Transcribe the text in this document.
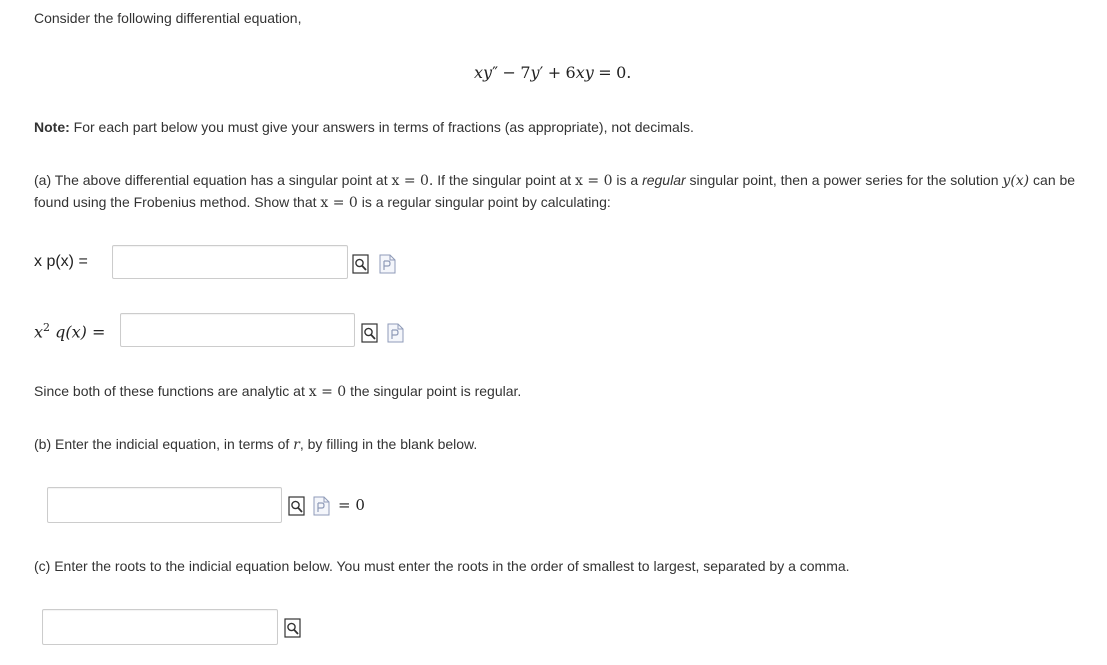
Consider the following differential equation,
xy″ − 7y′ + 6xy = 0.
Note: For each part below you must give your answers in terms of fractions (as appropriate), not decimals.
(a) The above differential equation has a singular point at x = 0. If the singular point at x = 0 is a regular singular point, then a power series for the solution y(x) can be found using the Frobenius method. Show that x = 0 is a regular singular point by calculating:
x p(x) =
$x^2$ q(x) =
Since both of these functions are analytic at x = 0 the singular point is regular.
(b) Enter the indicial equation, in terms of r, by filling in the blank below.
= 0
(c) Enter the roots to the indicial equation below. You must enter the roots in the order of smallest to largest, separated by a comma.
